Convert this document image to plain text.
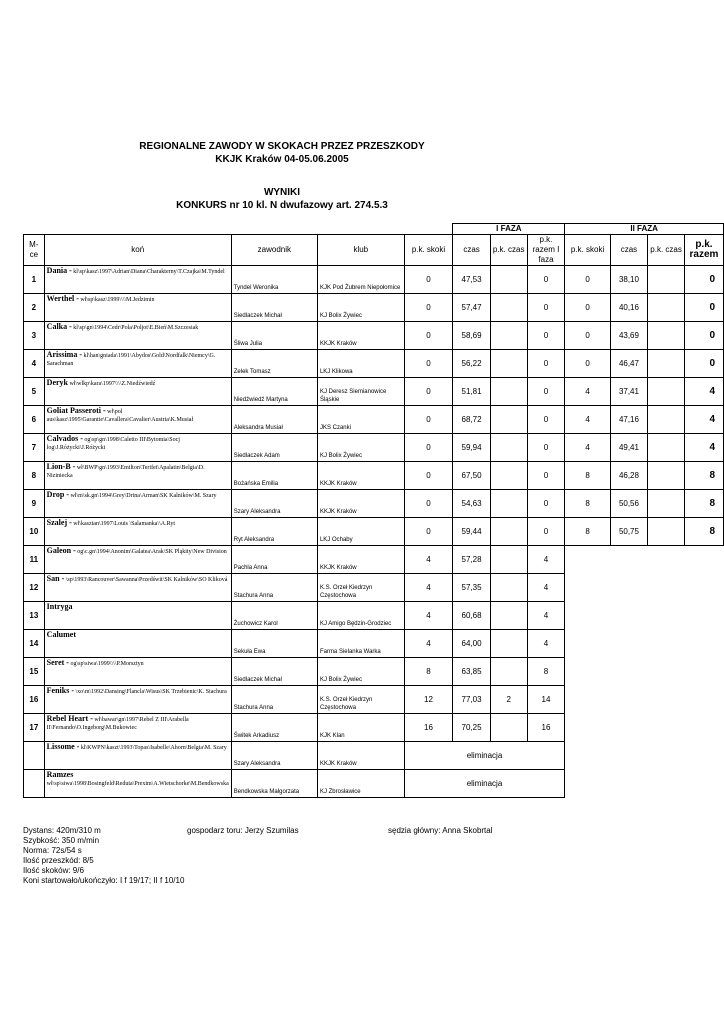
REGIONALNE ZAWODY W SKOKACH PRZEZ PRZESZKODY
KKJK Kraków 04-05.06.2005
WYNIKI
KONKURS nr 10 kl. N dwufazowy art. 274.5.3
					I FAZA			II FAZA			
M-ce	koń	zawodnik	klub	p.k. skoki	czas	p.k. czas	p.k. razem I faza	p.k. skoki	czas	p.k. czas	p.k. razem
1	Dania - kl\sp\kasz\1997\Adrian\Diana\Charakterny\T.Czajka\M.Tyndel	Tyndel Weronika	KJK Pod Żubrem Niepołomice	0	47,53		0	0	38,10		0
2	Werthel - wł\sp\kasz\1999\\\\M.Jedzimin	Siedlaczek Michał	KJ Bolix Żywiec	0	57,47		0	0	40,16		0
3	Calka - kl\sp\gn\1994\Cedr\Pola\Poljot\E.Bień\M.Szczesiak	Śliwa Julia	KKJK Kraków	0	58,69		0	0	43,69		0
4	Arissima - kl\han\gniada\1991\Abydos\Gold\Nordfalk\Niemcy\G. Sarachman	Zelek Tomasz	LKJ Klikowa	0	56,22		0	0	46,47		0
5	Deryk wł\wlkp\kara\1997\\\\Z.Niedźwiedź	Niedźwiedź Martyna	KJ Deresz Siemianowice Śląskie	0	51,81		0	4	37,41		4
6	Goliat Passeroti - wł\pol aus\kasz\1995\Garantie\Cavallera\Cavalier\Austria\K.Musiał	Aleksandra Musiał	JKS Czanki	0	68,72		0	4	47,16		4
7	Calvados - og\sp\gn\1998\Caletto III\Bytomia\Socj log\J.Różycki\J.Różycki	Siedlaczek Adam	KJ Bolix Żywiec	0	59,94		0	4	49,41		4
8	Lion-B - wł\BWP\gn\1993\Emilton\Terifet\Apalatin\Belgia\D. Niziniecka	Bożańska Emilia	KKJK Kraków	0	67,50		0	8	46,28		8
9	Drop - wł\m\sk.gn\1994\Grey\Drina\Arman\SK Kalników\M. Szary	Szary Aleksandra	KKJK Kraków	0	54,63		0	8	50,56		8
10	Szalej - wł\kasztan\1997\Louis \Salamanka\\A.Ryt	Ryt Aleksandra	LKJ Ochaby	0	59,44		0	8	50,75		8
11	Galeon - og\c.gn\1994\Anonim\Galatea\Arak\SK Pląkity\New Division	Pachla Anna	KKJK Kraków	4	57,28		4				
12	San - \sp\1993\Rancouver\Sawanna\Przedświt\SK Kalników\SO Kliková	Stachura Anna	K.S. Orzeł Kiedrzyn Częstochowa	4	57,35		4				
13	Intryga	Żuchowicz Karol	KJ Amigo Będzin-Grodziec	4	60,68		4				
14	Calumet	Sekuła Ewa	Farma Sielanka Warka	4	64,00		4				
15	Seret - og\sp\siwa\1999\\\\P.Morsztyn	Siedlaczek Michał	KJ Bolix Żywiec	8	63,85		8				
16	Feniks - \xo\m\1992\Dansing\Flancla\Wisus\SK Trzebienic\K. Stachura	Stachura Anna	K.S. Orzeł Kiedrzyn Częstochowa	12	77,03	2	14				
17	Rebel Heart - wł\bawar\gn\1997\Rebel Z III\Arabella II\Fernando\O.Ingeborg\M.Bukowiec	Świtek Arkadiusz	KJK Klan	16	70,25		16				
	Lissome - kl\KWPN\kaszt\1993\Topas\Isabelle\Ahorn\Belgia\M. Szary	Szary Aleksandra	KKJK Kraków	eliminacja							
	Ramzes wł\sp\siwa\1998\Bosingfeld\Reduta\Prexim\A.Wietschorke\M.Bendkowska	Bendkowska Małgorzata	KJ Zbrosławice	eliminacja							
Dystans: 420m/310 m
Szybkość: 350 m/min
Norma: 72s/54 s
Ilość przeszkód: 8/5
Ilość skoków: 9/6
Koni startowało/ukończyło: I f 19/17; II f 10/10
gospodarz toru: Jerzy Szumilas	sędzia główny: Anna Skobrtal
